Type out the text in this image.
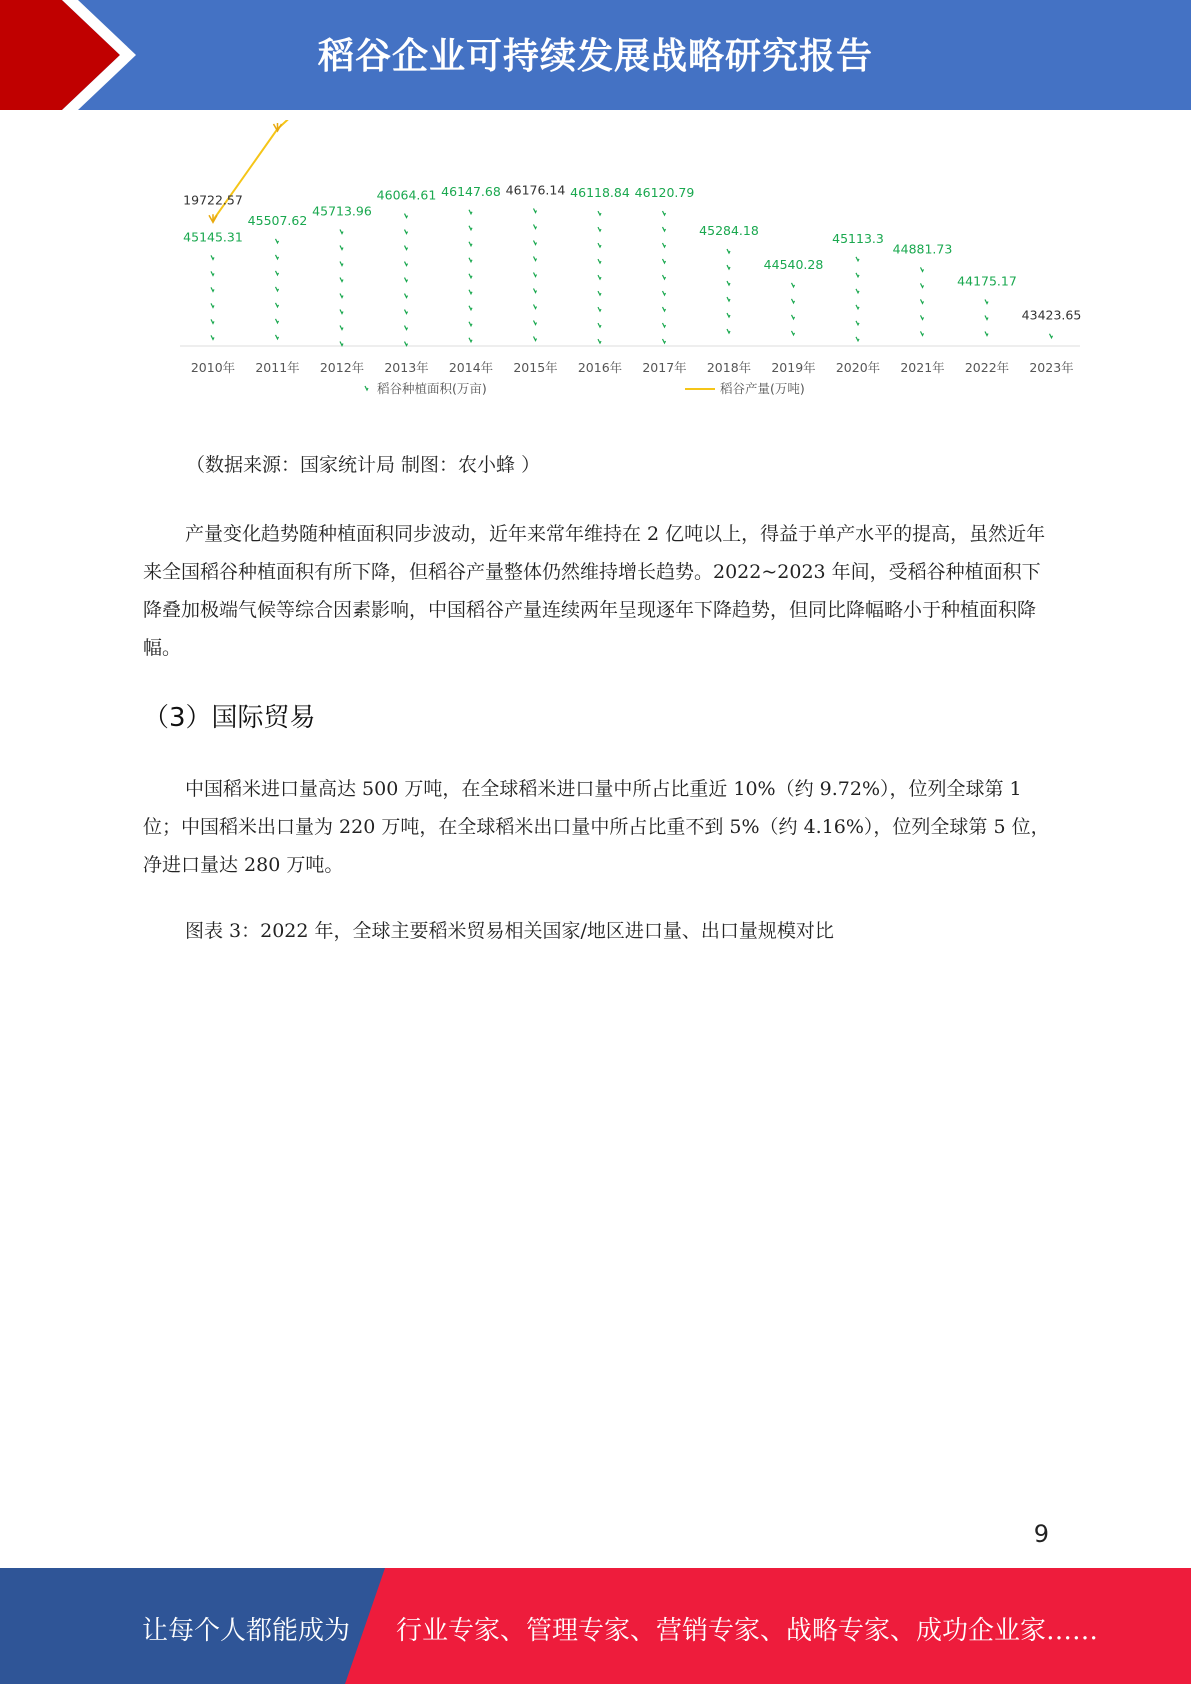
稻谷企业可持续发展战略研究报告
45145.31
45507.62
45713.96
46064.61 46147.68 46176.14 46118.84 46120.79
45284.18
44540.28
45113.3
44881.73
44175.17
43423.65
19722.57
2010年 2011年 2012年 2013年 2014年 2015年 2016年 2017年 2018年 2019年 2020年 2021年 2022年 2023年
稻谷种植面积(万亩)	稻谷产量(万吨)
（数据来源：国家统计局 制图：农小蜂 ）
产量变化趋势随种植面积同步波动，近年来常年维持在 2 亿吨以上，得益于单产水平的提高，虽然近年来全国稻谷种植面积有所下降，但稻谷产量整体仍然维持增长趋势。2022~2023 年间，受稻谷种植面积下降叠加极端气候等综合因素影响，中国稻谷产量连续两年呈现逐年下降趋势，但同比降幅略小于种植面积降幅。
（3）国际贸易
中国稻米进口量高达 500 万吨，在全球稻米进口量中所占比重近 10%（约 9.72%），位列全球第 1 位；中国稻米出口量为 220 万吨，在全球稻米出口量中所占比重不到 5%（约 4.16%），位列全球第 5 位，净进口量达 280 万吨。
图表 3：2022 年，全球主要稻米贸易相关国家/地区进口量、出口量规模对比
9
让每个人都能成为 行业专家、管理专家、营销专家、战略专家、成功企业家……
